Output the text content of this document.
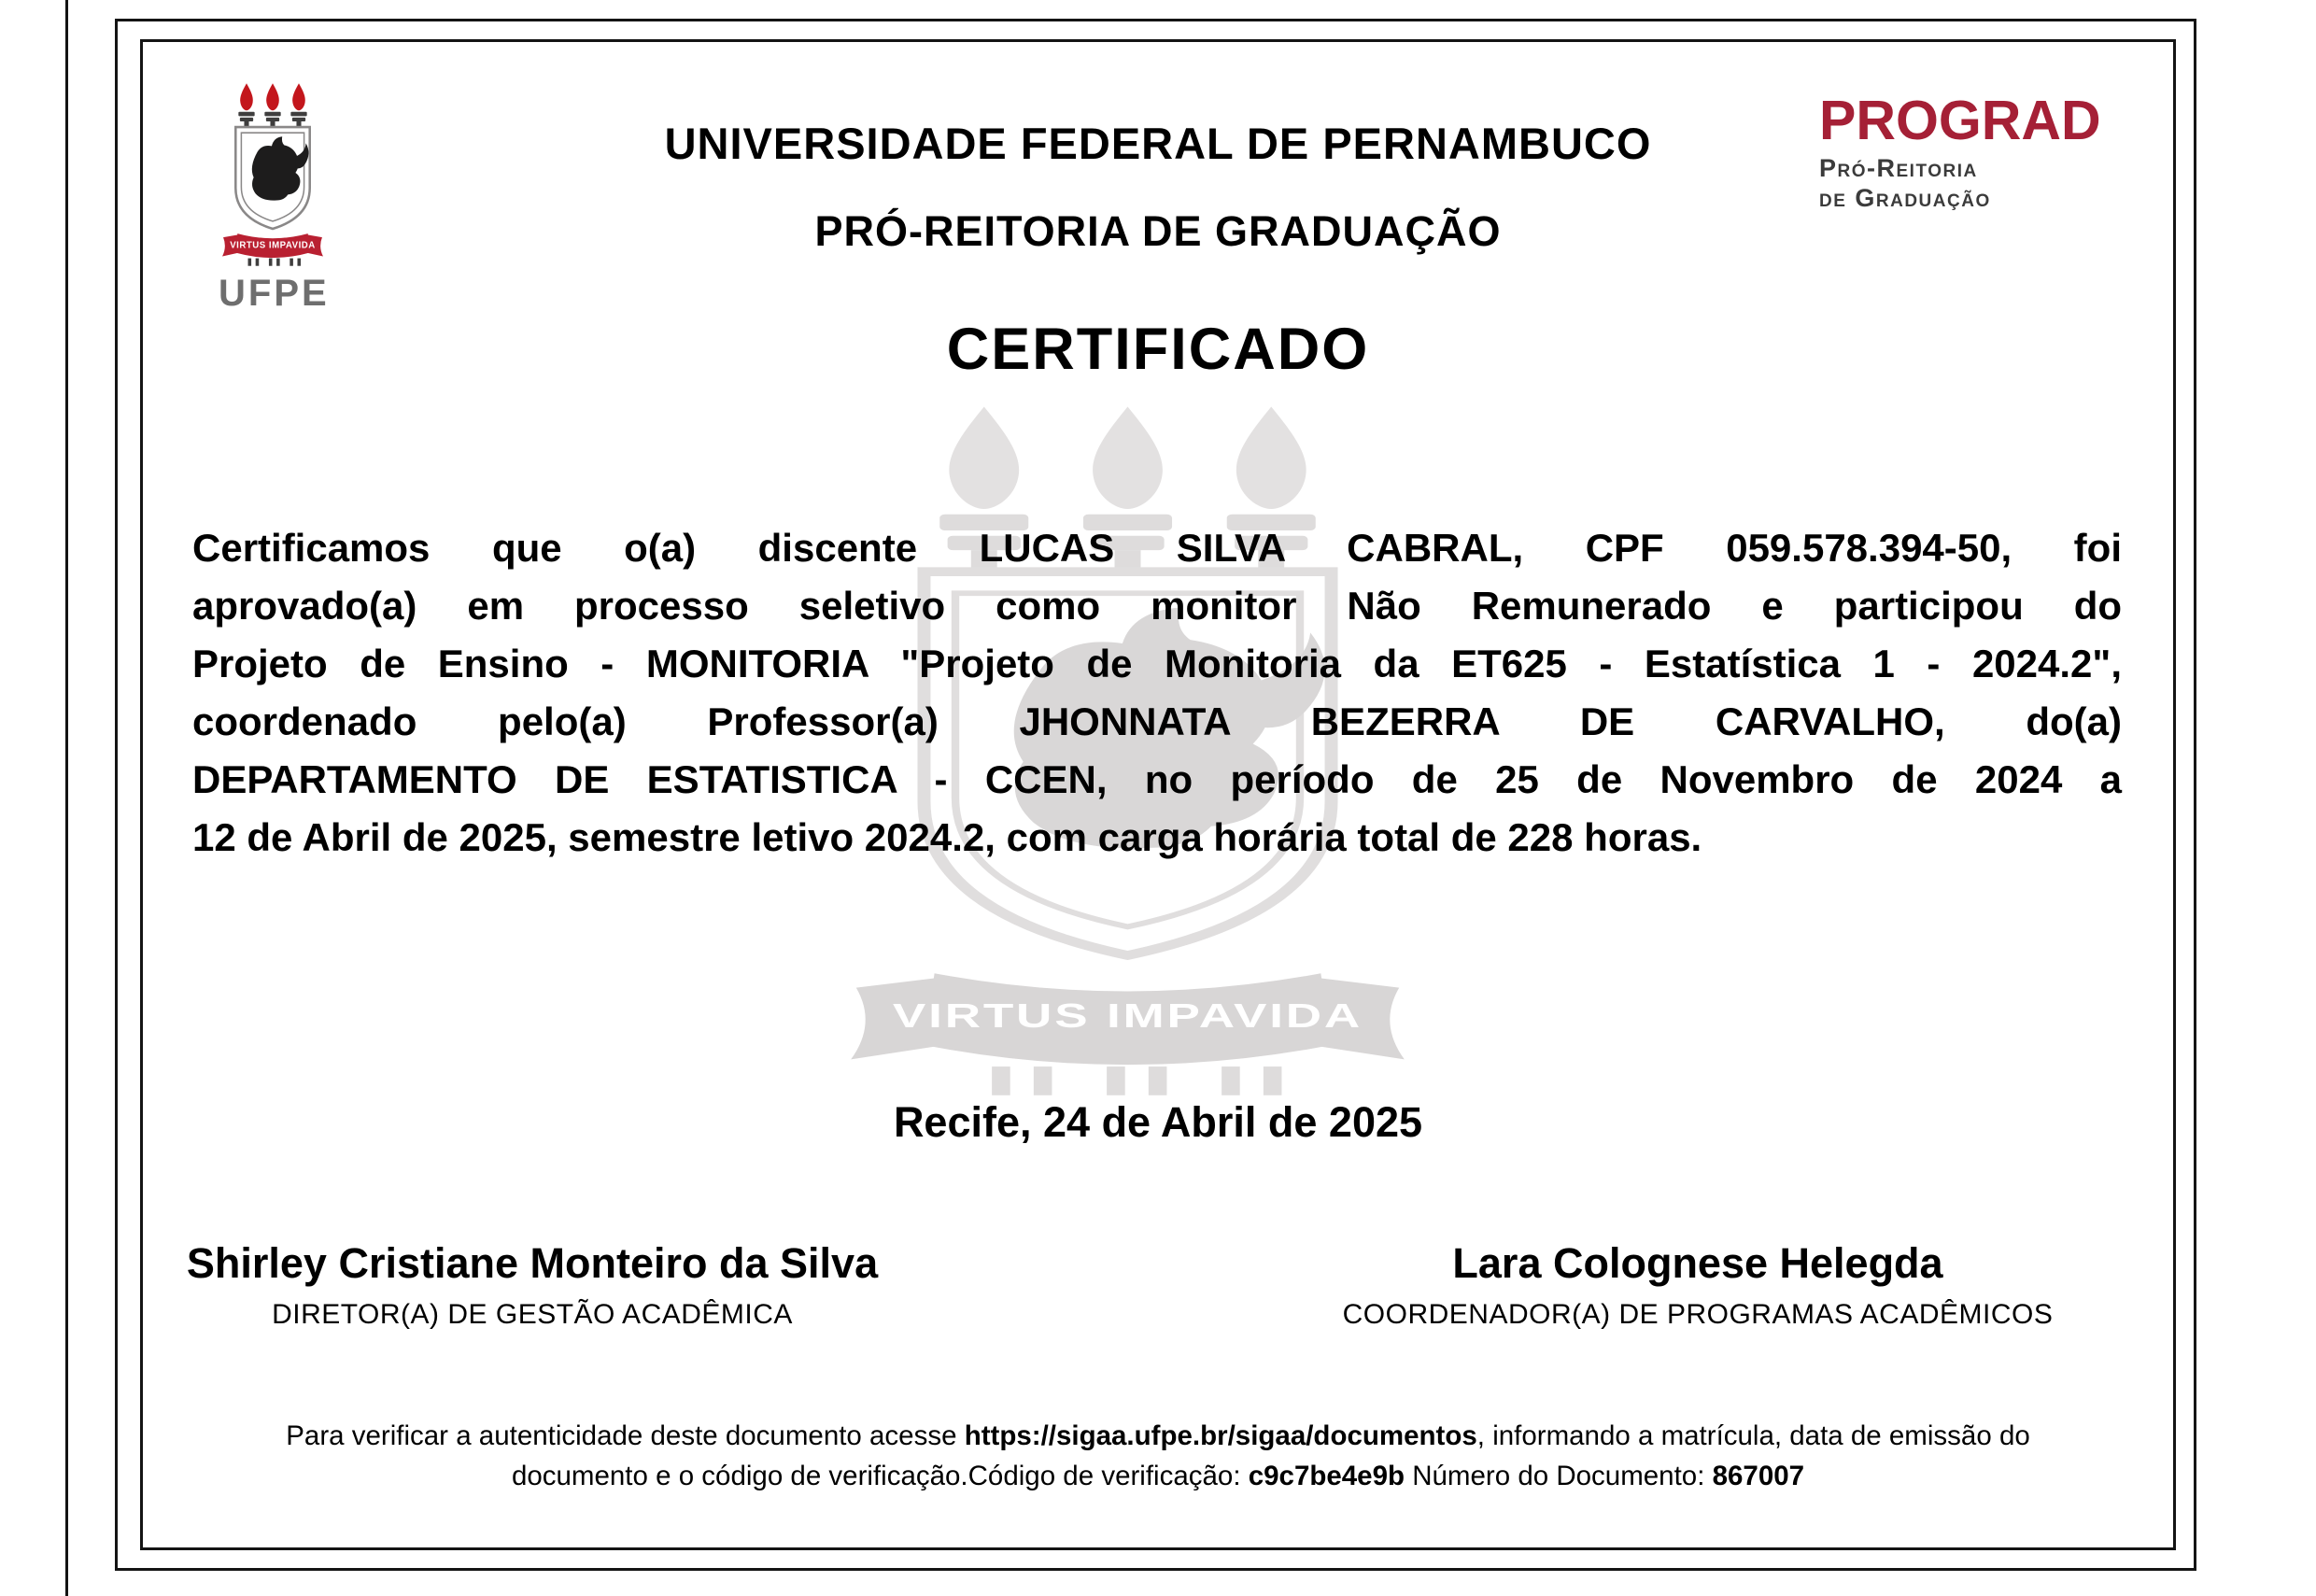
VIRTUS IMPAVIDA
VIRTUS IMPAVIDA
UFPE
UNIVERSIDADE FEDERAL DE PERNAMBUCO
PRÓ-REITORIA DE GRADUAÇÃO
PROGRAD
Pró-Reitoria
de Graduação
CERTIFICADO
Certificamos que o(a) discente LUCAS SILVA CABRAL, CPF 059.578.394-50, foi
aprovado(a) em processo seletivo como monitor Não Remunerado e participou do
Projeto de Ensino - MONITORIA "Projeto de Monitoria da ET625 - Estatística 1 - 2024.2",
coordenado pelo(a) Professor(a) JHONNATA BEZERRA DE CARVALHO, do(a)
DEPARTAMENTO DE ESTATISTICA - CCEN, no período de 25 de Novembro de 2024 a
12 de Abril de 2025, semestre letivo 2024.2, com carga horária total de 228 horas.
Recife, 24 de Abril de 2025
Shirley Cristiane Monteiro da Silva
DIRETOR(A) DE GESTÃO ACADÊMICA
Lara Colognese Helegda
COORDENADOR(A) DE PROGRAMAS ACADÊMICOS
Para verificar a autenticidade deste documento acesse https://sigaa.ufpe.br/sigaa/documentos, informando a matrícula, data de emissão do
documento e o código de verificação.Código de verificação: c9c7be4e9b Número do Documento: 867007
